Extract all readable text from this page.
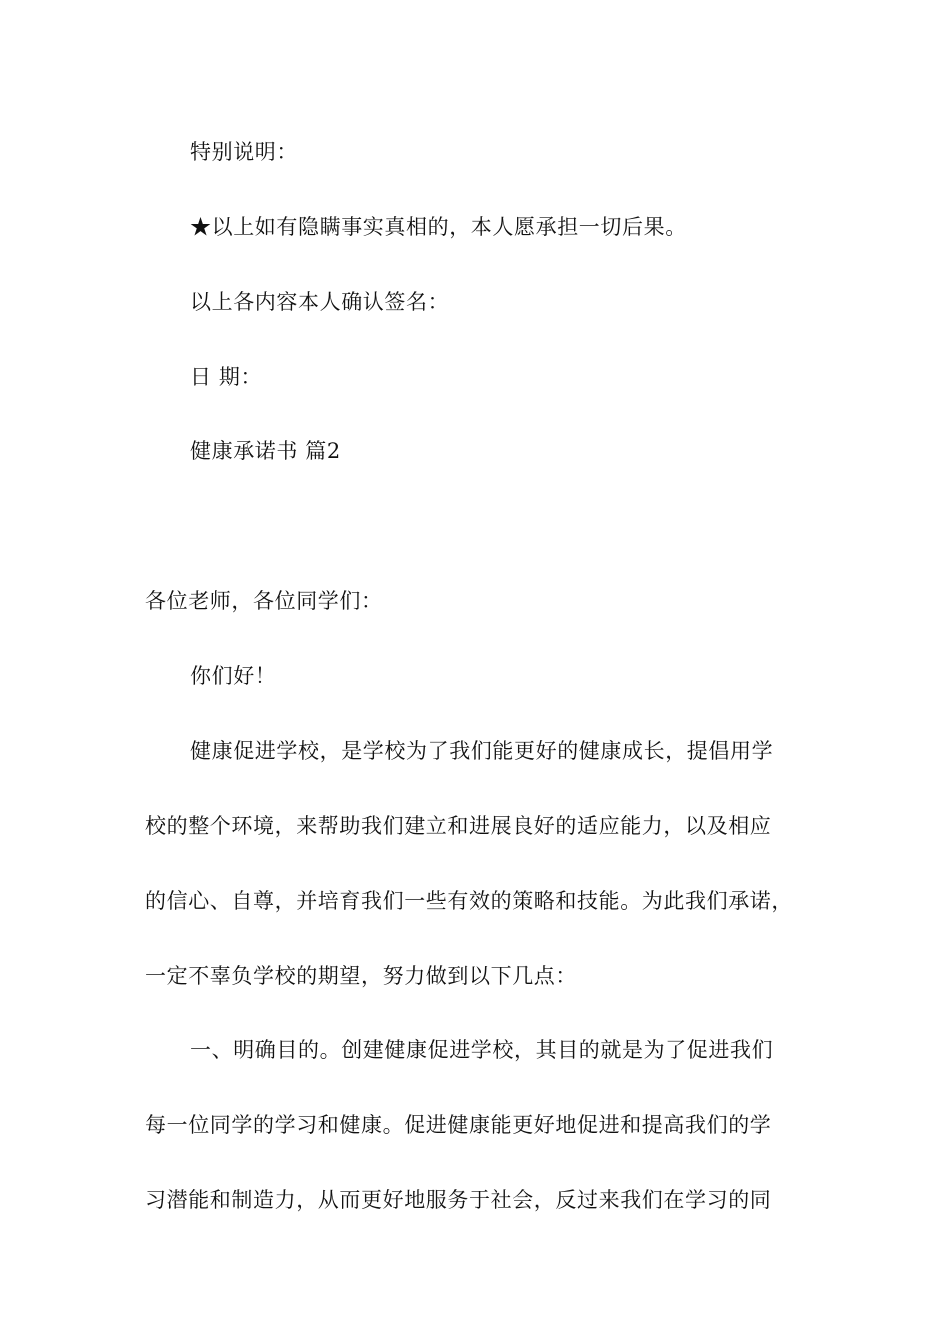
特别说明：
★以上如有隐瞒事实真相的，本人愿承担一切后果。
以上各内容本人确认签名：
日 期：
健康承诺书 篇2
各位老师，各位同学们：
你们好！
健康促进学校，是学校为了我们能更好的健康成长，提倡用学
校的整个环境，来帮助我们建立和进展良好的适应能力，以及相应
的信心、自尊，并培育我们一些有效的策略和技能。为此我们承诺，
一定不辜负学校的期望，努力做到以下几点：
一、明确目的。创建健康促进学校，其目的就是为了促进我们
每一位同学的学习和健康。促进健康能更好地促进和提高我们的学
习潜能和制造力，从而更好地服务于社会，反过来我们在学习的同
